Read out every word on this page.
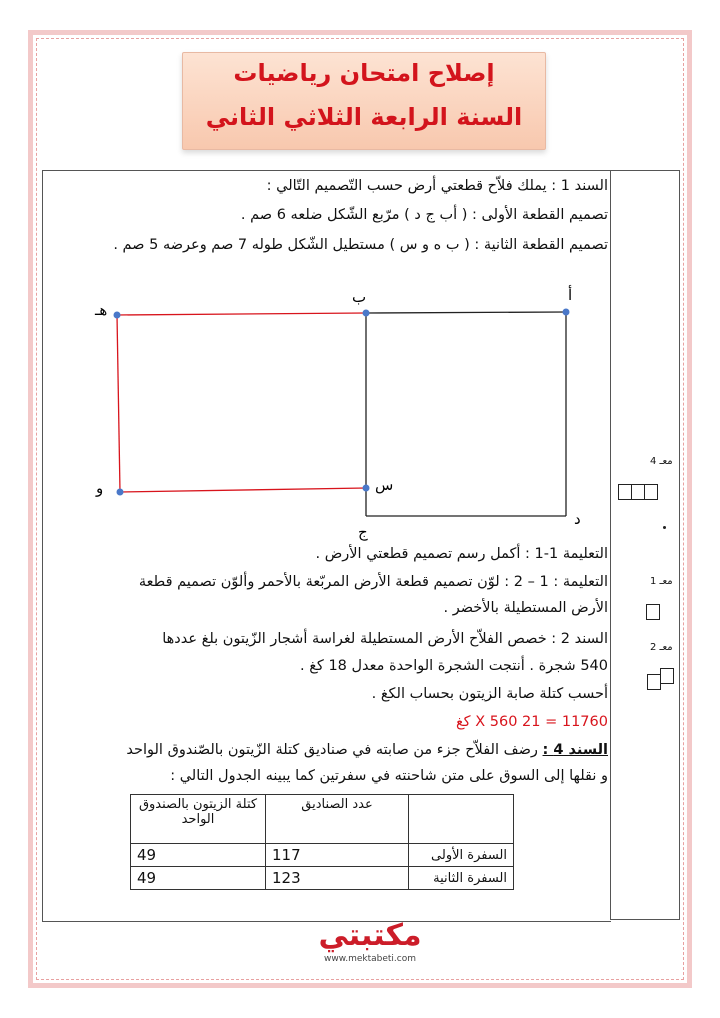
إصلاح امتحان رياضيات
السنة الرابعة الثلاثي الثاني
السند 1 : يملك فلاّح قطعتي أرض حسب التّصميم التّالي :
تصميم القطعة الأولى : ( أب ج د ) مرّبع الشّكل ضلعه 6 صم .
تصميم القطعة الثانية : ( ب ه و س ) مستطيل الشّكل طوله 7 صم وعرضه 5 صم .
أ
ب
هـ
و	س
ج
د
التعليمة 1-1 : أكمل رسم تصميم قطعتي الأرض .
التعليمة : 1 – 2 : لوّن تصميم قطعة الأرض المربّعة بالأحمر وألوّن تصميم قطعة
الأرض المستطيلة بالأخضر .
السند 2 : خصص الفلاّح الأرض المستطيلة لغراسة أشجار الزّيتون بلغ عددها
540 شجرة . أنتجت الشجرة الواحدة معدل 18 كغ .
أحسب كتلة صابة الزيتون بحساب الكغ .
11760 = 21 X 560 كغ
السند 4 : رضف الفلاّح جزء من صابته في صناديق كتلة الزّيتون بالصّندوق الواحد
و نقلها إلى السوق على متن شاحنته في سفرتين كما يبينه الجدول التالي :
	عدد الصناديق	كتلة الزيتون بالصندوق الواحد
السفرة الأولى	117	49
السفرة الثانية	123	49
معـ 4
معـ 1
معـ 2
مكتبتي
www.mektabeti.com
